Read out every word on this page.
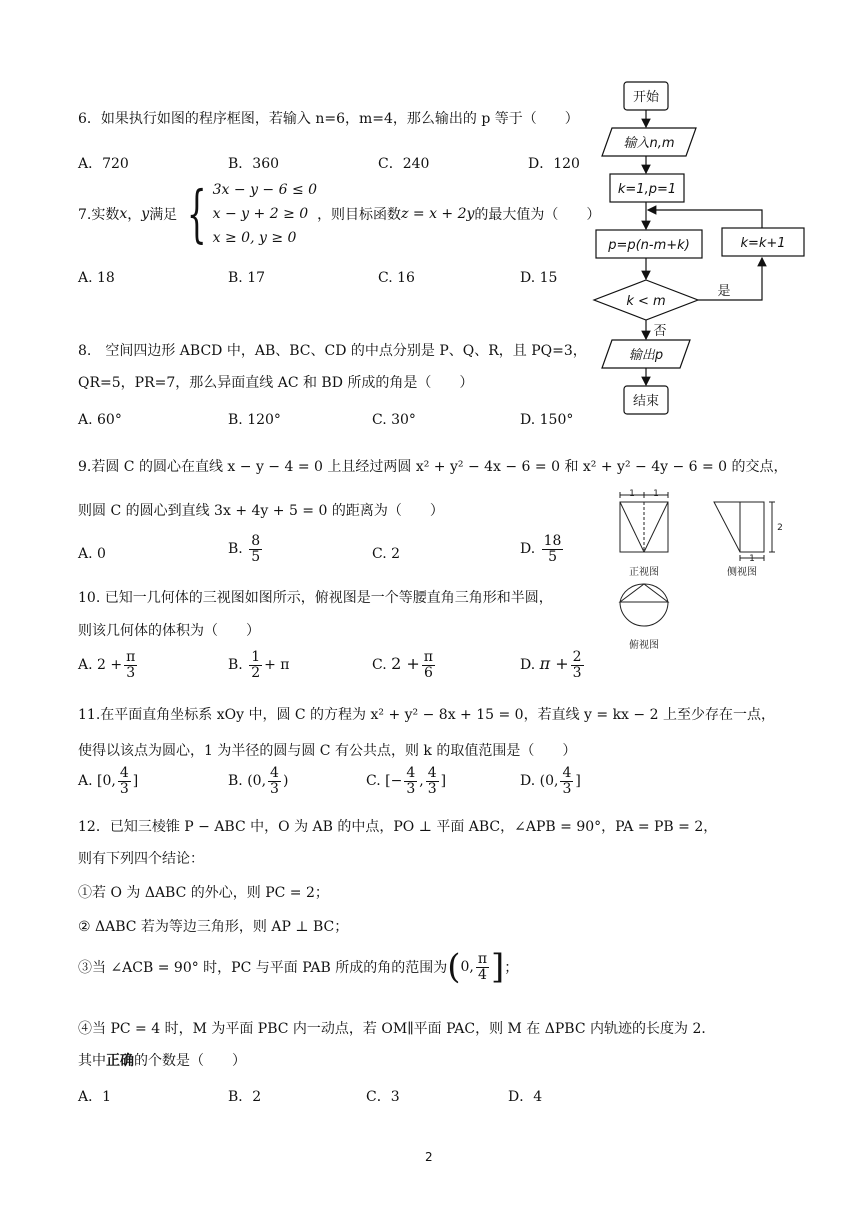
6．如果执行如图的程序框图，若输入 n=6，m=4，那么输出的 p 等于（　　）
A．720	B．360	C．240	D．120
7.实数x，y满足 { 3x − y − 6 ≤ 0
x − y + 2 ≥ 0
x ≥ 0, y ≥ 0
，则目标函数z = x + 2y的最大值为（　　）
A. 18	B. 17	C. 16	D. 15
8.　空间四边形 ABCD 中，AB、BC、CD 的中点分别是 P、Q、R，且 PQ=3，
QR=5，PR=7，那么异面直线 AC 和 BD 所成的角是（　　）
A. 60°	B. 120°	C. 30°	D. 150°
9.若圆 C 的圆心在直线 x − y − 4 = 0 上且经过两圆 x² + y² − 4x − 6 = 0 和 x² + y² − 4y − 6 = 0 的交点，
则圆 C 的圆心到直线 3x + 4y + 5 = 0 的距离为（　　）
A. 0	B. $\frac{8}{5}$	C. 2	D. $\frac{18}{5}$
10. 已知一几何体的三视图如图所示，俯视图是一个等腰直角三角形和半圆，
则该几何体的体积为（　　）
A. $2 + \frac{\pi}{3}$	B. $\frac{1}{2} + \pi$	C. $2 + \frac{\pi}{6}$	D. $\pi + \frac{2}{3}$
11.在平面直角坐标系 xOy 中，圆 C 的方程为 x² + y² − 8x + 15 = 0，若直线 y = kx − 2 上至少存在一点，
使得以该点为圆心，1 为半径的圆与圆 C 有公共点，则 k 的取值范围是（　　）
A. [0, $\frac{4}{3}$ ]	B. (0, $\frac{4}{3}$ )	C. [− $\frac{4}{3}$ , $\frac{4}{3}$ ]	D. (0, $\frac{4}{3}$ ]
12．已知三棱锥 P − ABC 中，O 为 AB 的中点，PO ⊥ 平面 ABC，∠APB = 90°，PA = PB = 2，
则有下列四个结论：
①若 O 为 ΔABC 的外心，则 PC = 2；
② ΔABC 若为等边三角形，则 AP ⊥ BC；
③当 ∠ACB = 90° 时，PC 与平面 PAB 所成的角的范围为(0, $\frac{\pi}{4}$ ]；
④当 PC = 4 时，M 为平面 PBC 内一动点，若 OM∥平面 PAC，则 M 在 ΔPBC 内轨迹的长度为 2．
其中正确的个数是（　　）
A．1	B．2	C．3	D．4
开始
输入n,m
k=1,p=1
p=p(n-m+k)	k=k+1
k < m
是
否
输出p
结束
1 1
2
1
正视图	侧视图
俯视图
2
